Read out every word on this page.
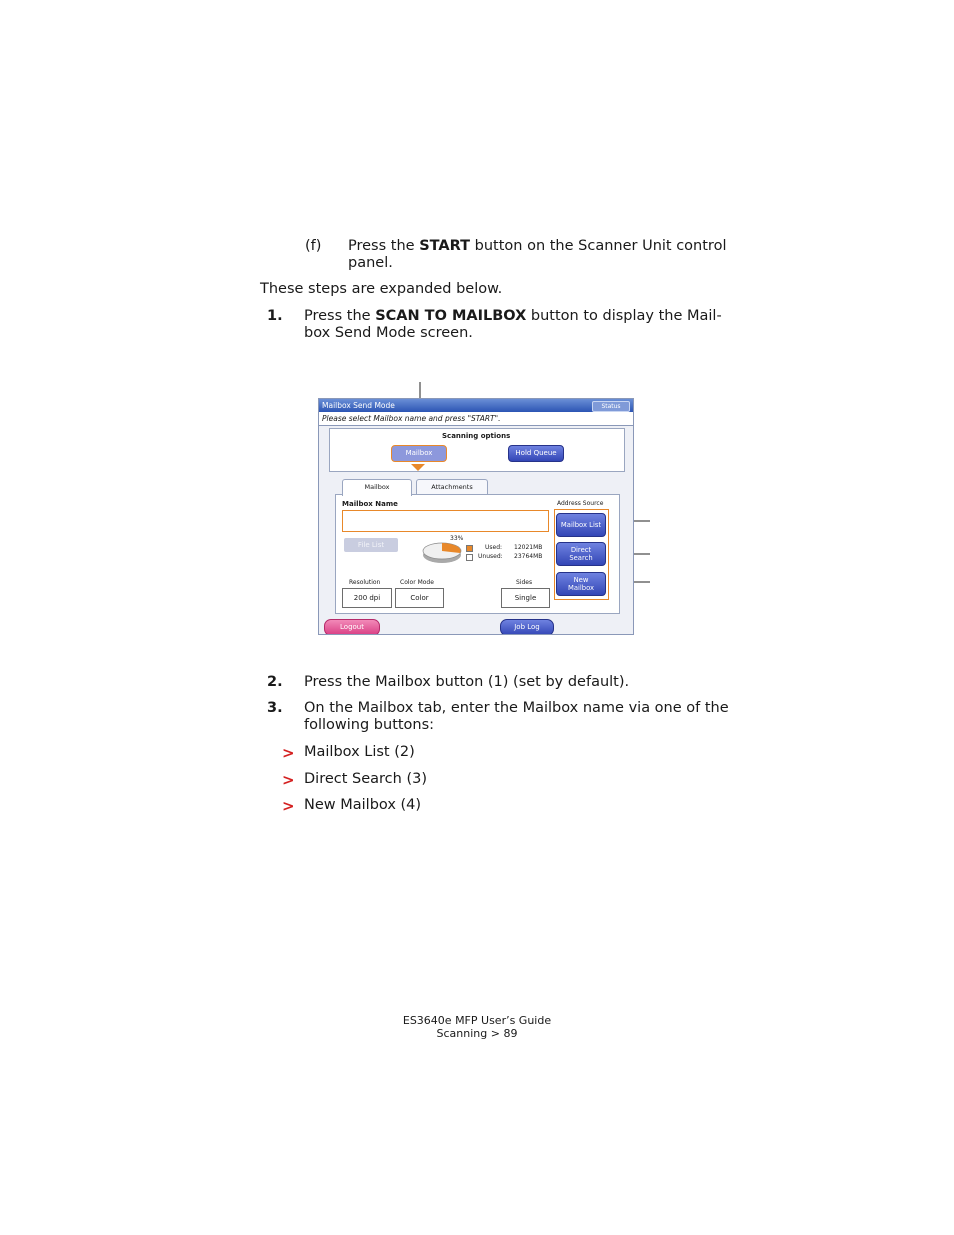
(f) Press the START button on the Scanner Unit control
panel.
These steps are expanded below.
1. Press the SCAN TO MAILBOX button to display the Mail-
box Send Mode screen.
Mailbox Send Mode	Status
Please select Mailbox name and press "START".
Scanning options
Mailbox	Hold Queue
Mailbox	Attachments
Mailbox Name	Address Source
File List
33%
Used: 12021MB
Unused: 23764MB
Resolution	Color Mode	Sides
200 dpi	Color	Single
Mailbox List
Direct
Search
New
Mailbox
Logout	Job Log
2. Press the Mailbox button (1) (set by default).
3. On the Mailbox tab, enter the Mailbox name via one of the
following buttons:
> Mailbox List (2)
> Direct Search (3)
> New Mailbox (4)
ES3640e MFP User’s Guide
Scanning > 89
